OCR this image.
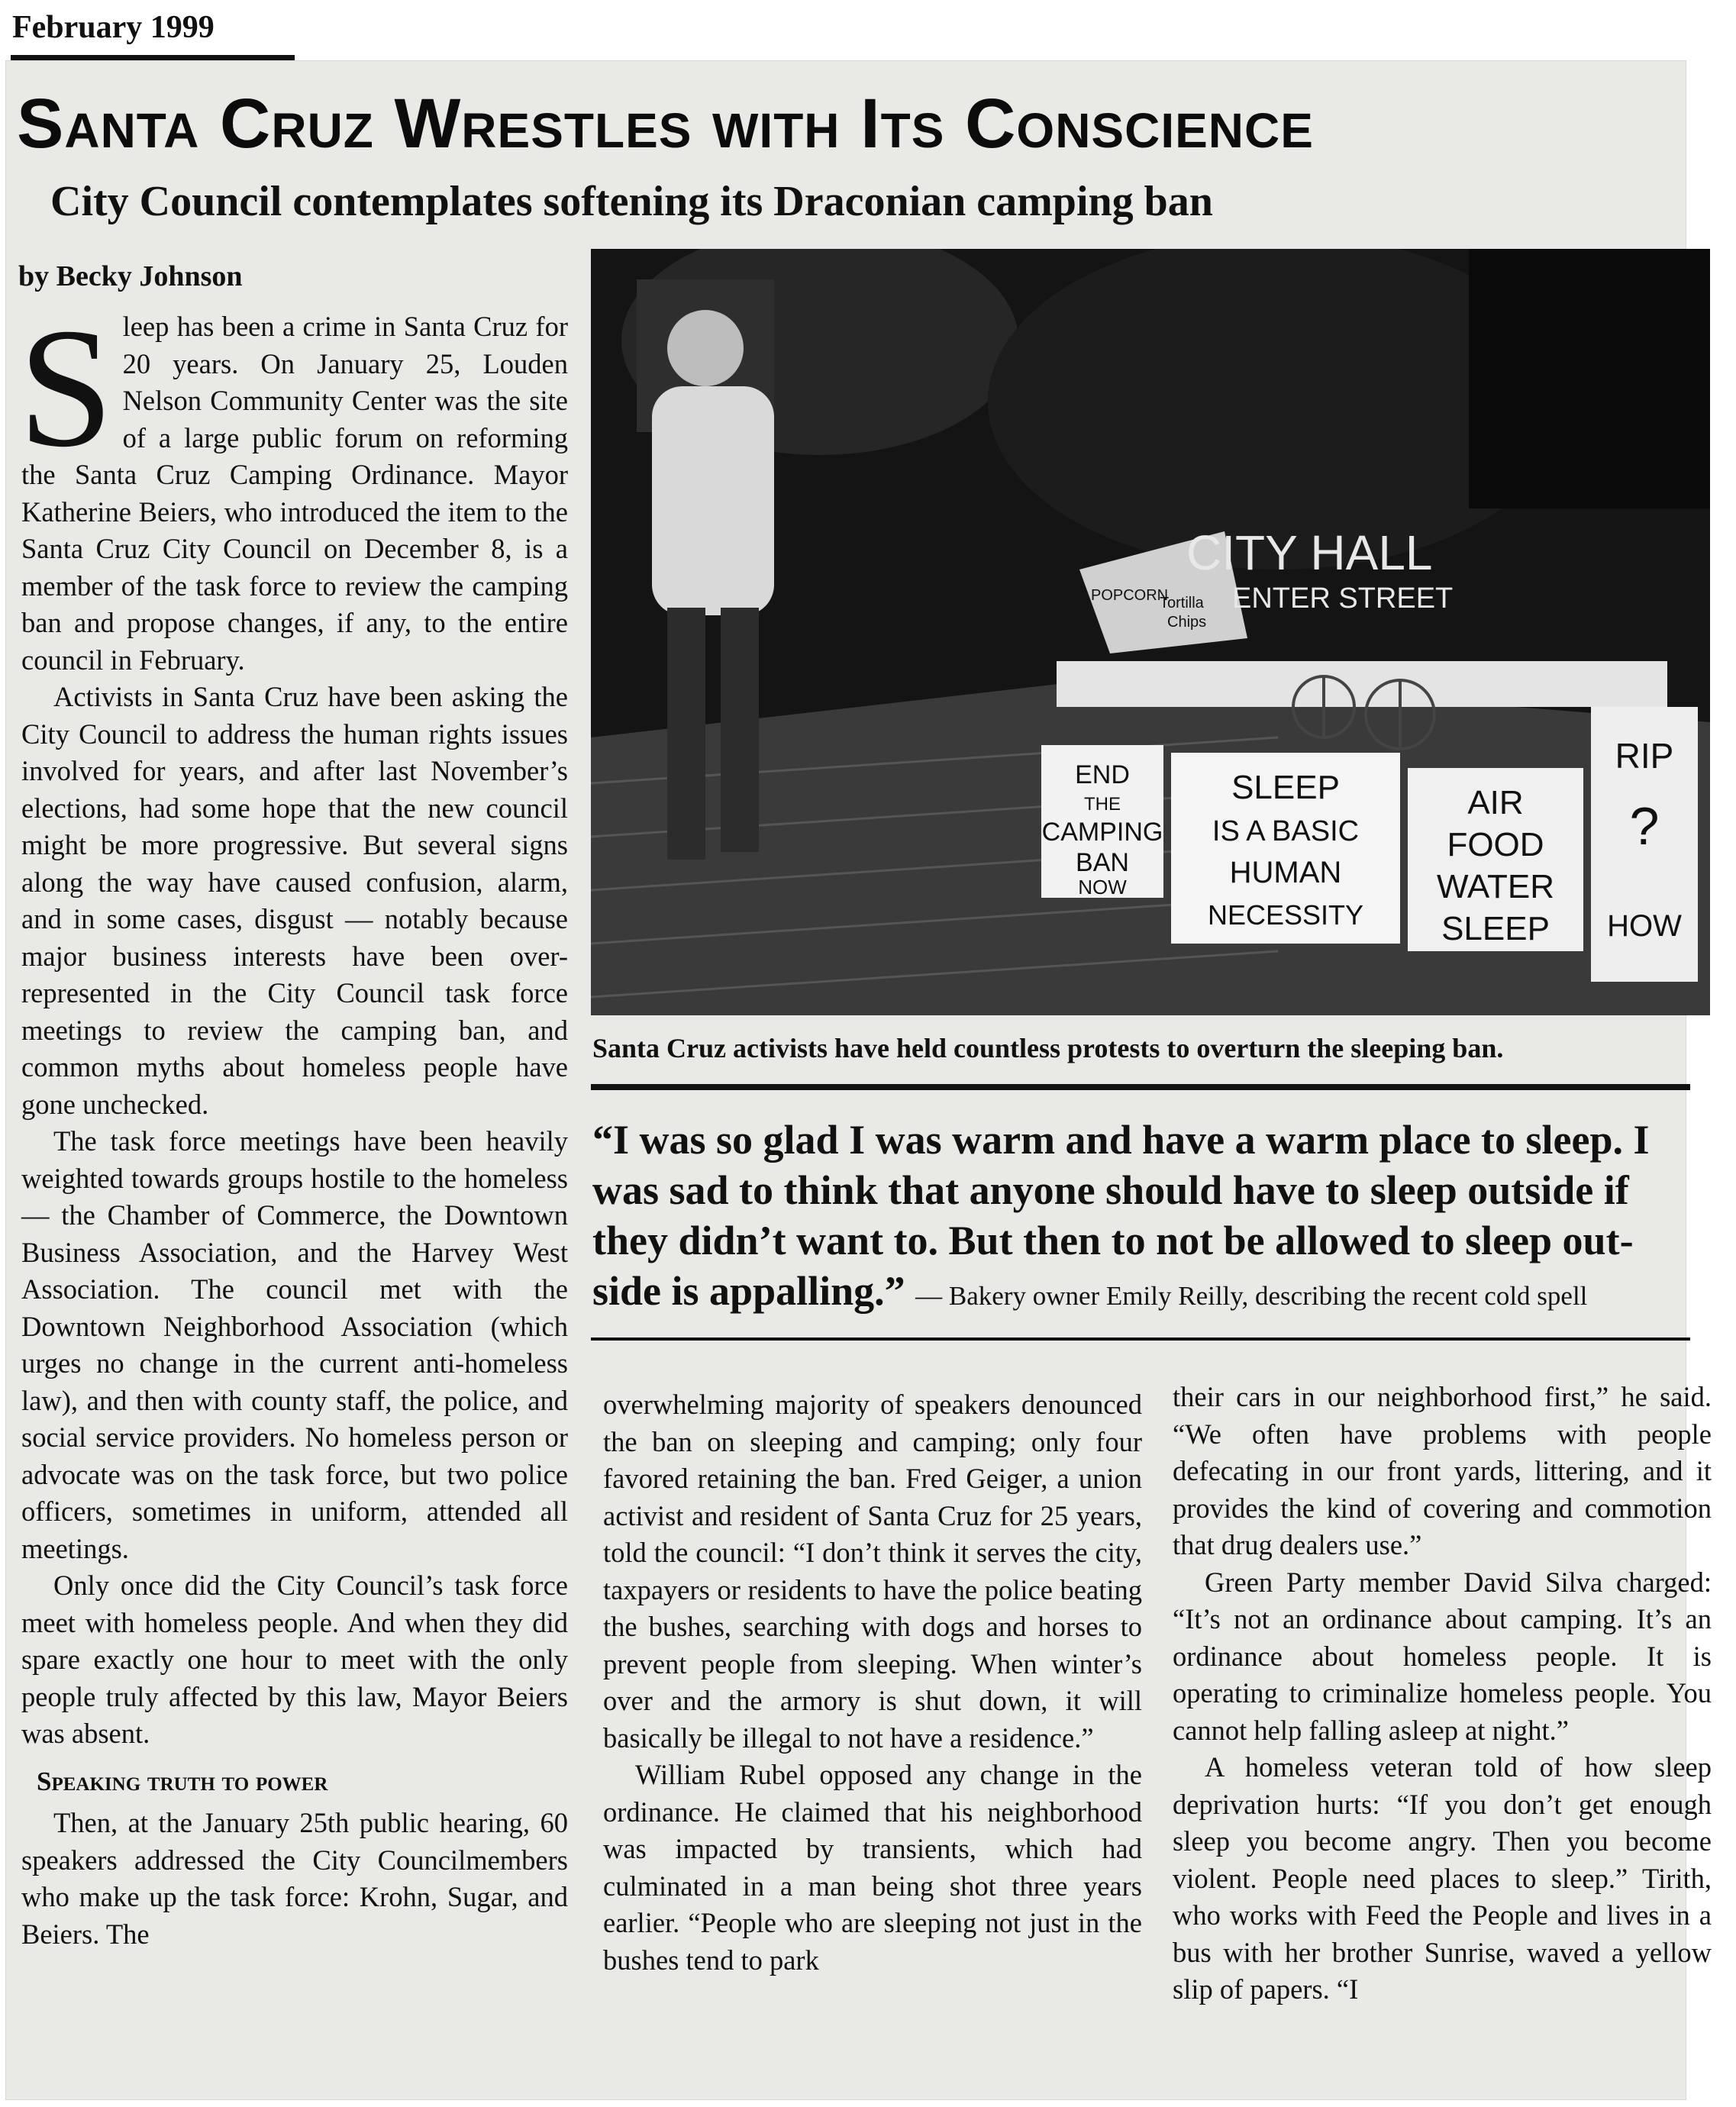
February 1999
Santa Cruz Wrestles with Its Conscience
City Council contemplates softening its Draconian camping ban
by Becky Johnson

Sleep has been a crime in Santa Cruz for 20 years. On January 25, Louden Nelson Community Center was the site of a large public forum on reforming the Santa Cruz Camping Ordinance. Mayor Katherine Beiers, who introduced the item to the Santa Cruz City Council on December 8, is a member of the task force to review the camping ban and propose changes, if any, to the entire council in February.

Activists in Santa Cruz have been asking the City Council to address the human rights issues involved for years, and after last November’s elections, had some hope that the new council might be more progressive. But several signs along the way have caused confusion, alarm, and in some cases, disgust — notably because major business interests have been over-represented in the City Council task force meetings to review the camping ban, and common myths about homeless people have gone unchecked.

The task force meetings have been heavily weighted towards groups hostile to the homeless — the Chamber of Commerce, the Downtown Business Association, and the Harvey West Association. The council met with the Downtown Neighborhood Association (which urges no change in the current anti-homeless law), and then with county staff, the police, and social service providers. No homeless person or advocate was on the task force, but two police officers, sometimes in uniform, attended all meetings.

Only once did the City Council’s task force meet with homeless people. And when they did spare exactly one hour to meet with the only people truly affected by this law, Mayor Beiers was absent.

Speaking truth to power

Then, at the January 25th public hearing, 60 speakers addressed the City Councilmembers who make up the task force: Krohn, Sugar, and Beiers. The

POPCORN
Tortilla
Chips
CITY HALL
ENTER STREET
END
THE
CAMPING
BAN
NOW
SLEEP
IS A BASIC
HUMAN
NECESSITY
AIR
FOOD
WATER
SLEEP
RIP
?
HOW
Santa Cruz activists have held countless protests to overturn the sleeping ban.

“I was so glad I was warm and have a warm place to sleep. I was sad to think that anyone should have to sleep outside if they didn’t want to. But then to not be allowed to sleep out-side is appalling.” — Bakery owner Emily Reilly, describing the recent cold spell

overwhelming majority of speakers denounced the ban on sleeping and camping; only four favored retaining the ban. Fred Geiger, a union activist and resident of Santa Cruz for 25 years, told the council: “I don’t think it serves the city, taxpayers or residents to have the police beating the bushes, searching with dogs and horses to prevent people from sleeping. When winter’s over and the armory is shut down, it will basically be illegal to not have a residence.”

William Rubel opposed any change in the ordinance. He claimed that his neighborhood was impacted by transients, which had culminated in a man being shot three years earlier. “People who are sleeping not just in the bushes tend to park

their cars in our neighborhood first,” he said. “We often have problems with people defecating in our front yards, littering, and it provides the kind of covering and commotion that drug dealers use.”

Green Party member David Silva charged: “It’s not an ordinance about camping. It’s an ordinance about homeless people. It is operating to criminalize homeless people. You cannot help falling asleep at night.”

A homeless veteran told of how sleep deprivation hurts: “If you don’t get enough sleep you become angry. Then you become violent. People need places to sleep.” Tirith, who works with Feed the People and lives in a bus with her brother Sunrise, waved a yellow slip of papers. “I
